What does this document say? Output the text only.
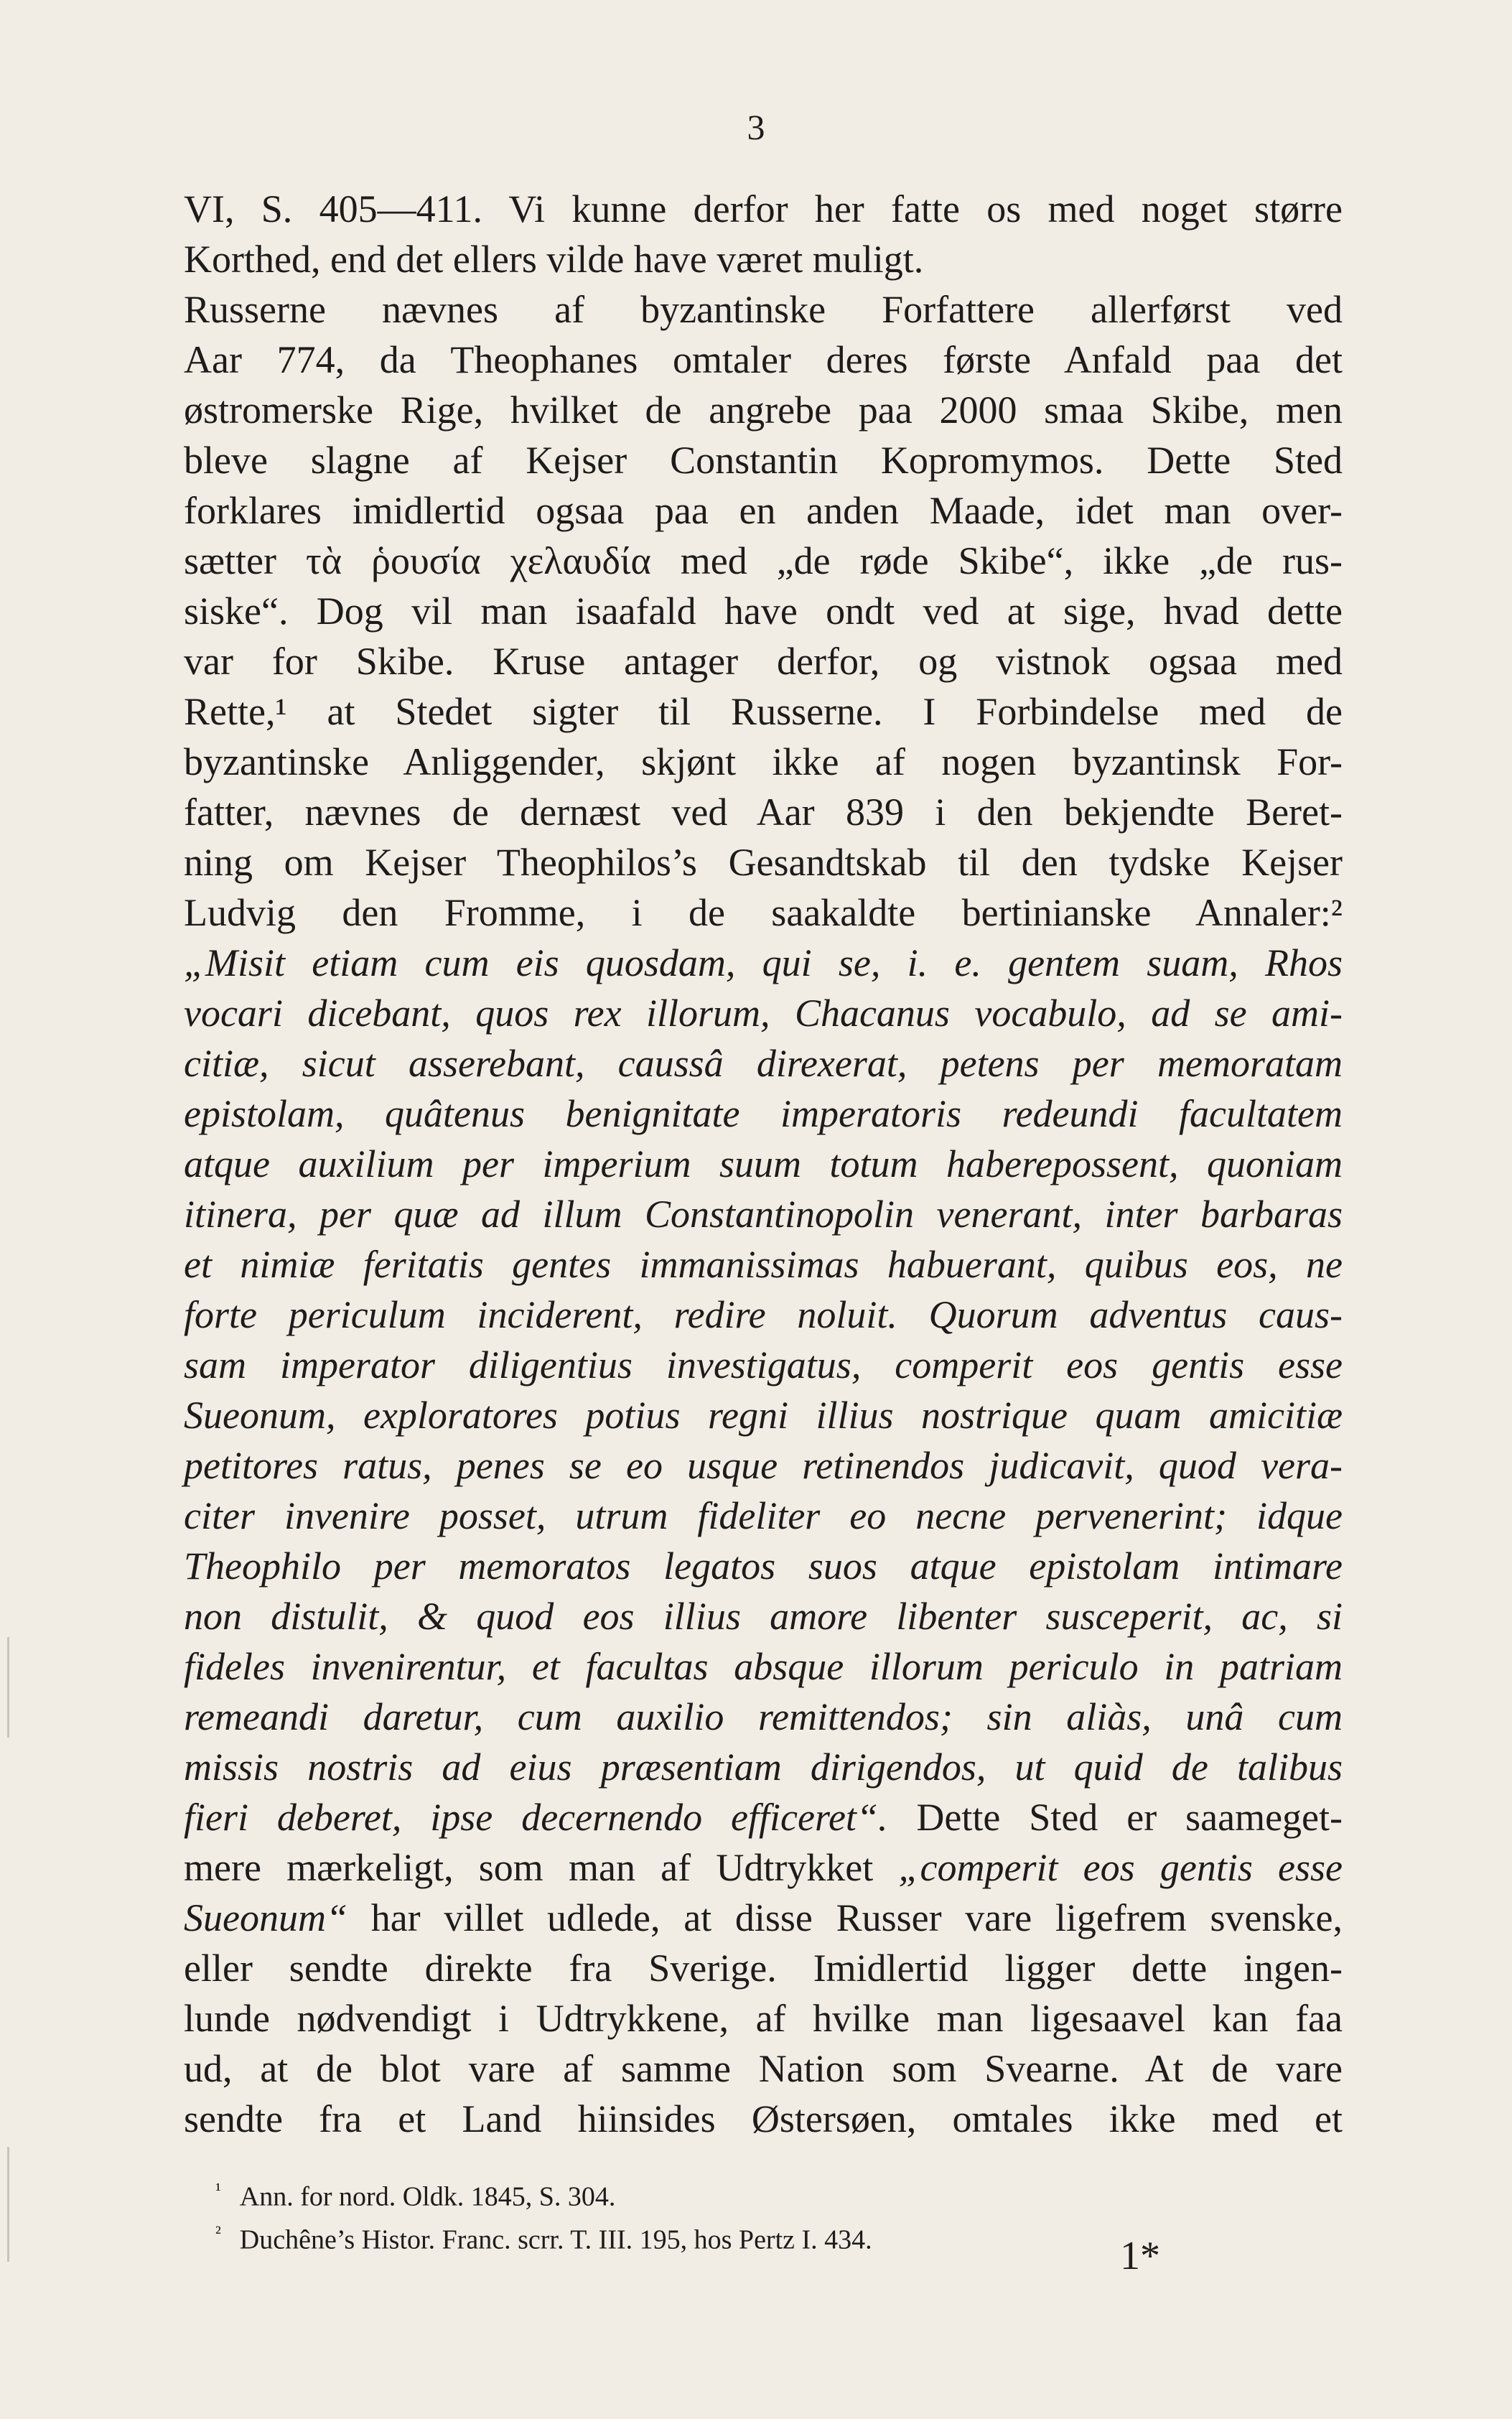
3
VI, S. 405—411. Vi kunne derfor her fatte os med noget større
Korthed, end det ellers vilde have været muligt.
Russerne nævnes af byzantinske Forfattere allerførst ved
Aar 774, da Theophanes omtaler deres første Anfald paa det
østromerske Rige, hvilket de angrebe paa 2000 smaa Skibe, men
bleve slagne af Kejser Constantin Kopromymos. Dette Sted
forklares imidlertid ogsaa paa en anden Maade, idet man over-
sætter τὰ ῥουσία χελαυδία med „de røde Skibe“, ikke „de rus-
siske“. Dog vil man isaafald have ondt ved at sige, hvad dette
var for Skibe. Kruse antager derfor, og vistnok ogsaa med
Rette,¹ at Stedet sigter til Russerne. I Forbindelse med de
byzantinske Anliggender, skjønt ikke af nogen byzantinsk For-
fatter, nævnes de dernæst ved Aar 839 i den bekjendte Beret-
ning om Kejser Theophilos’s Gesandtskab til den tydske Kejser
Ludvig den Fromme, i de saakaldte bertinianske Annaler:²
„Misit etiam cum eis quosdam, qui se, i. e. gentem suam, Rhos
vocari dicebant, quos rex illorum, Chacanus vocabulo, ad se ami-
citiæ, sicut asserebant, caussâ direxerat, petens per memoratam
epistolam, quâtenus benignitate imperatoris redeundi facultatem
atque auxilium per imperium suum totum haberepossent, quoniam
itinera, per quæ ad illum Constantinopolin venerant, inter barbaras
et nimiæ feritatis gentes immanissimas habuerant, quibus eos, ne
forte periculum inciderent, redire noluit. Quorum adventus caus-
sam imperator diligentius investigatus, comperit eos gentis esse
Sueonum, exploratores potius regni illius nostrique quam amicitiæ
petitores ratus, penes se eo usque retinendos judicavit, quod vera-
citer invenire posset, utrum fideliter eo necne pervenerint; idque
Theophilo per memoratos legatos suos atque epistolam intimare
non distulit, & quod eos illius amore libenter susceperit, ac, si
fideles invenirentur, et facultas absque illorum periculo in patriam
remeandi daretur, cum auxilio remittendos; sin aliàs, unâ cum
missis nostris ad eius præsentiam dirigendos, ut quid de talibus
fieri deberet, ipse decernendo efficeret“. Dette Sted er saameget-
mere mærkeligt, som man af Udtrykket „comperit eos gentis esse
Sueonum“ har villet udlede, at disse Russer vare ligefrem svenske,
eller sendte direkte fra Sverige. Imidlertid ligger dette ingen-
lunde nødvendigt i Udtrykkene, af hvilke man ligesaavel kan faa
ud, at de blot vare af samme Nation som Svearne. At de vare
sendte fra et Land hiinsides Østersøen, omtales ikke med et
$^{^1}$ Ann. for nord. Oldk. 1845, S. 304.
$^{^2}$ Duchêne’s Histor. Franc. scrr. T. III. 195, hos Pertz I. 434.	1*
